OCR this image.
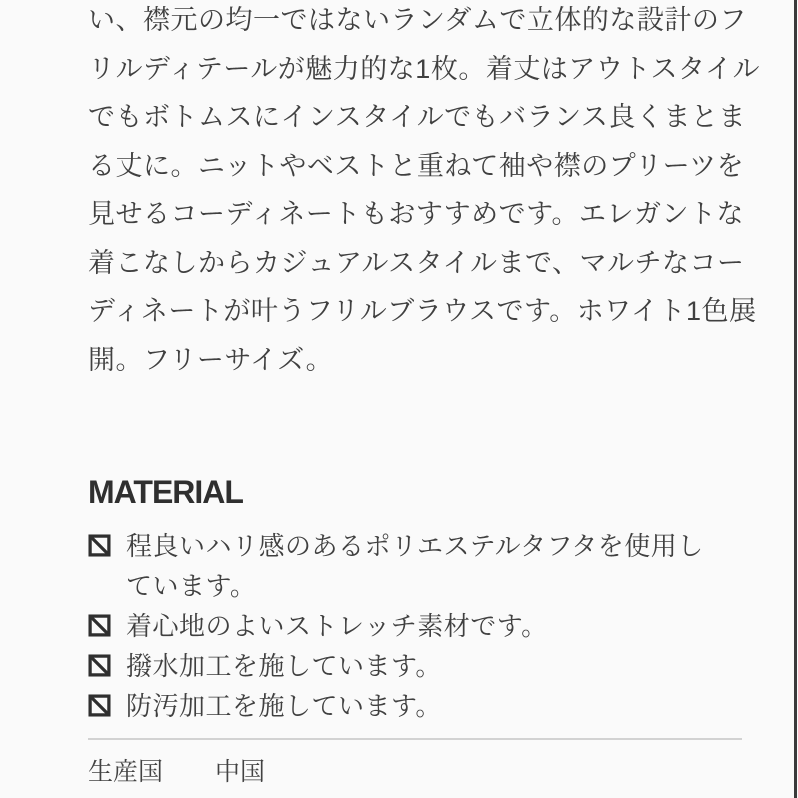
い、襟元の均一ではないランダムで立体的な設計のフ
リルディテールが魅力的な1枚。着丈はアウトスタイル
でもボトムスにインスタイルでもバランス良くまとま
る丈に。ニットやベストと重ねて袖や襟のプリーツを
見せるコーディネートもおすすめです。エレガントな
着こなしからカジュアルスタイルまで、マルチなコー
ディネートが叶うフリルブラウスです。ホワイト1色展
開。フリーサイズ。
MATERIAL
程良いハリ感のあるポリエステルタフタを使用しています。
着心地のよいストレッチ素材です。
撥水加工を施しています。
防汚加工を施しています。
生産国	中国
